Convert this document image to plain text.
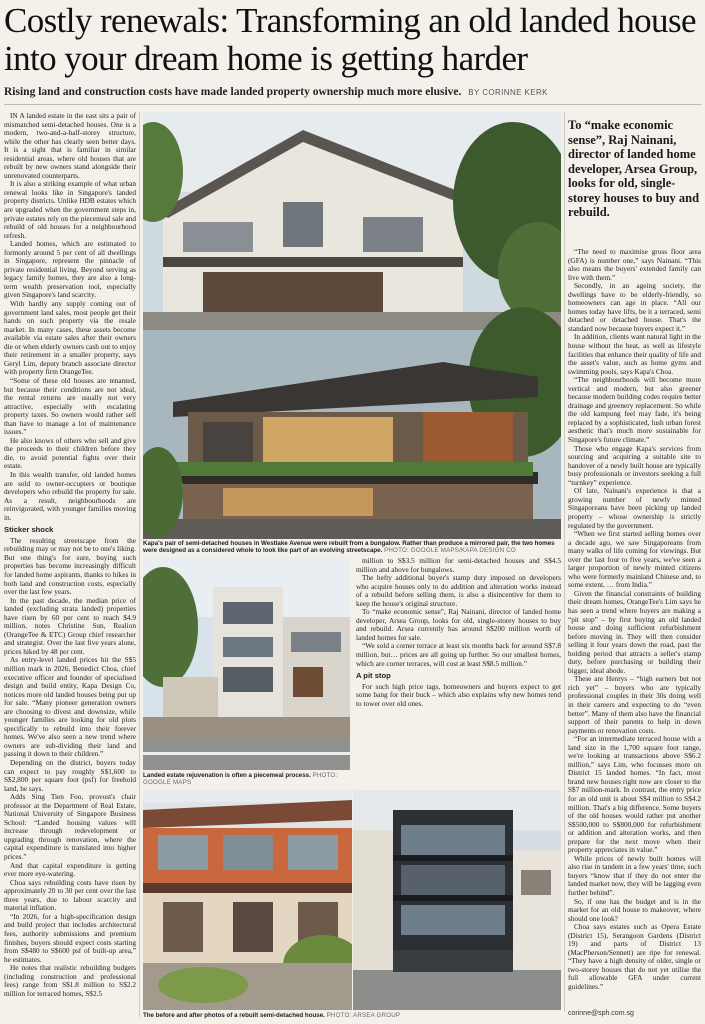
Costly renewals: Transforming an old landed house into your dream home is getting harder
Rising land and construction costs have made landed property ownership much more elusive. BY CORINNE KERK

IN A landed estate in the east sits a pair of mismatched semi-detached houses. One is a modern, two-and-a-half-storey structure, while the other has clearly seen better days. It is a sight that is familiar in similar residential areas, where old houses that are rebuilt by new owners stand alongside their unrenovated counterparts.

It is also a striking example of what urban renewal looks like in Singapore's landed property districts. Unlike HDB estates which are upgraded when the government steps in, private estates rely on the piecemeal sale and rebuild of old houses for a neighbourhood refresh.

Landed homes, which are estimated to formonly around 5 per cent of all dwellings in Singapore, represent the pinnacle of private residential living. Beyond serving as legacy family homes, they are also a long-term wealth preservation tool, especially given Singapore's land scarcity.

With hardly any supply coming out of government land sales, most people get their hands on such property via the resale market. In many cases, these assets become available via estate sales after their owners die or when elderly owners cash out to enjoy their retirement in a smaller property, says Geryl Lim, deputy branch associate director with property firm OrangeTee.

“Some of these old houses are tenanted, but because their conditions are not ideal, the rental returns are usually not very attractive, especially with escalating property taxes. So owners would rather sell than have to manage a lot of maintenance issues.”

He also knows of others who sell and give the proceeds to their children before they die, to avoid potential fights over their estate.

In this wealth transfer, old landed homes are sold to owner-occupiers or boutique developers who rebuild the property for sale. As a result, neighbourhoods are reinvigorated, with younger families moving in.

Sticker shock

The resulting streetscape from the rebuilding may or may not be to one's liking. But one thing's for sure, buying such properties has become increasingly difficult for landed home aspirants, thanks to hikes in both land and construction costs, especially over the last few years.

In the past decade, the median price of landed (excluding strata landed) properties have risen by 60 per cent to reach $4.9 million, notes Christine Sun, Realion (OrangeTee & ETC) Group chief researcher and strategist. Over the last five years alone, prices hiked by 48 per cent.

As entry-level landed prices hit the S$5 million mark in 2026, Benedict Choa, chief executive officer and founder of specialised design and build entity, Kapa Design Co, notices more old landed houses being put up for sale. “Many pioneer generation owners are choosing to divest and downsize, while younger families are looking for old plots specifically to rebuild into their forever homes. We've also seen a new trend where owners are sub-dividing their land and passing it down to their children.”

Depending on the district, buyers today can expect to pay roughly S$1,600 to S$2,800 per square foot (psf) for freehold land, he says.

Adds Sing Tien Foo, provost's chair professor at the Department of Real Estate, National University of Singapore Business School: “Landed housing values will increase through redevelopment or upgrading through renovation, where the capital expenditure is translated into higher prices.”

And that capital expenditure is getting ever more eye-watering.

Choa says rebuilding costs have risen by approximately 20 to 30 per cent over the last three years, due to labour scarcity and material inflation.

“In 2026, for a high-specification design and build project that includes architectural fees, authority submissions and premium finishes, buyers should expect costs starting from S$480 to S$600 psf of built-up area,” he estimates.

He notes that realistic rebuilding budgets (including construction and professional fees) range from S$1.8 million to S$2.2 million for terraced homes, S$2.5

Kapa's pair of semi-detached houses in Westlake Avenue were rebuilt from a bungalow. Rather than produce a mirrored pair, the two homes were designed as a considered whole to look like part of an evolving streetscape. PHOTO: GOOGLE MAPS/KAPA DESIGN CO
Landed estate rejuvenation is often a piecemeal process. PHOTO: GOOGLE MAPS
The before and after photos of a rebuilt semi-detached house. PHOTO: ARSEA GROUP

million to S$3.5 million for semi-detached houses and S$4.5 million and above for bungalows.

The hefty additional buyer's stamp duty imposed on developers who acquire houses only to do addition and alteration works instead of a rebuild before selling them, is also a disincentive for them to keep the house's original structure.

To “make economic sense”, Raj Nainani, director of landed home developer, Arsea Group, looks for old, single-storey houses to buy and rebuild. Arsea currently has around S$200 million worth of landed homes for sale.

“We sold a corner terrace at least six months back for around S$7.8 million, but… prices are all going up further. So our smallest homes, which are corner terraces, will cost at least S$8.5 million.”

A pit stop

For such high price tags, homeowners and buyers expect to get some bang for their buck – which also explains why new homes tend to tower over old ones.

To “make economic sense”, Raj Nainani, director of landed home developer, Arsea Group, looks for old, single-storey houses to buy and rebuild.

“The need to maximise gross floor area (GFA) is number one,” says Nainani. “This also means the buyers' extended family can live with them.”

Secondly, in an ageing society, the dwellings have to be elderly-friendly, so homeowners can age in place. “All our homes today have lifts, be it a terraced, semi detached or detached house. That's the standard now because buyers expect it.”

In addition, clients want natural light in the house without the heat, as well as lifestyle facilities that enhance their quality of life and the asset's value, such as home gyms and swimming pools, says Kapa's Choa.

“The neighbourhoods will become more vertical and modern, but also greener because modern building codes require better drainage and greenery replacement. So while the old kampung feel may fade, it's being replaced by a sophisticated, lush urban forest aesthetic that's much more sustainable for Singapore's future climate.”

Those who engage Kapa's services from sourcing and acquiring a suitable site to handover of a newly built house are typically busy professionals or investors seeking a full “turnkey” experience.

Of late, Nainani's experience is that a growing number of newly minted Singaporeans have been picking up landed property – whose ownership is strictly regulated by the government.

“When we first started selling homes over a decade ago, we saw Singaporeans from many walks of life coming for viewings. But over the last four to five years, we've seen a larger proportion of newly minted citizens who were formerly mainland Chinese and, to some extent, … from India.”

Given the financial constraints of building their dream homes, OrangeTee's Lim says he has seen a trend where buyers are making a “pit stop” – by first buying an old landed house and doing sufficient refurbishment before moving in. They will then consider selling it four years down the road, past the holding period that attracts a seller's stamp duty, before purchasing or building their bigger, ideal abode.

These are Henrys – “high earners but not rich yet” – buyers who are typically professional couples in their 30s doing well in their careers and expecting to do “even better”. Many of them also have the financial support of their parents to help in down payments or renovation costs.

“For an intermediate terraced house with a land size in the 1,700 square foot range, we're looking at transactions above S$6.2 million,” says Lim, who focusses more on District 15 landed homes. “In fact, most brand new houses right now are closer to the S$7 million-mark. In contrast, the entry price for an old unit is about S$4 million to S$4.2 million. That's a big difference. Some buyers of the old houses would rather put another S$500,000 to S$800,000 for refurbishment or addition and alteration works, and then prepare for the next move when their property appreciates in value.”

While prices of newly built homes will also rise in tandem in a few years' time, such buyers “know that if they do not enter the landed market now, they will be lagging even further behind”.

So, if one has the budget and is in the market for an old house to makeover, where should one look?

Choa says estates such as Opera Estate (District 15), Serangoon Gardens (District 19) and parts of District 13 (MacPherson/Sennett) are ripe for renewal. “They have a high density of older, single or two-storey houses that do not yet utilise the full allowable GFA under current guidelines.”

corinne@sph.com.sg
